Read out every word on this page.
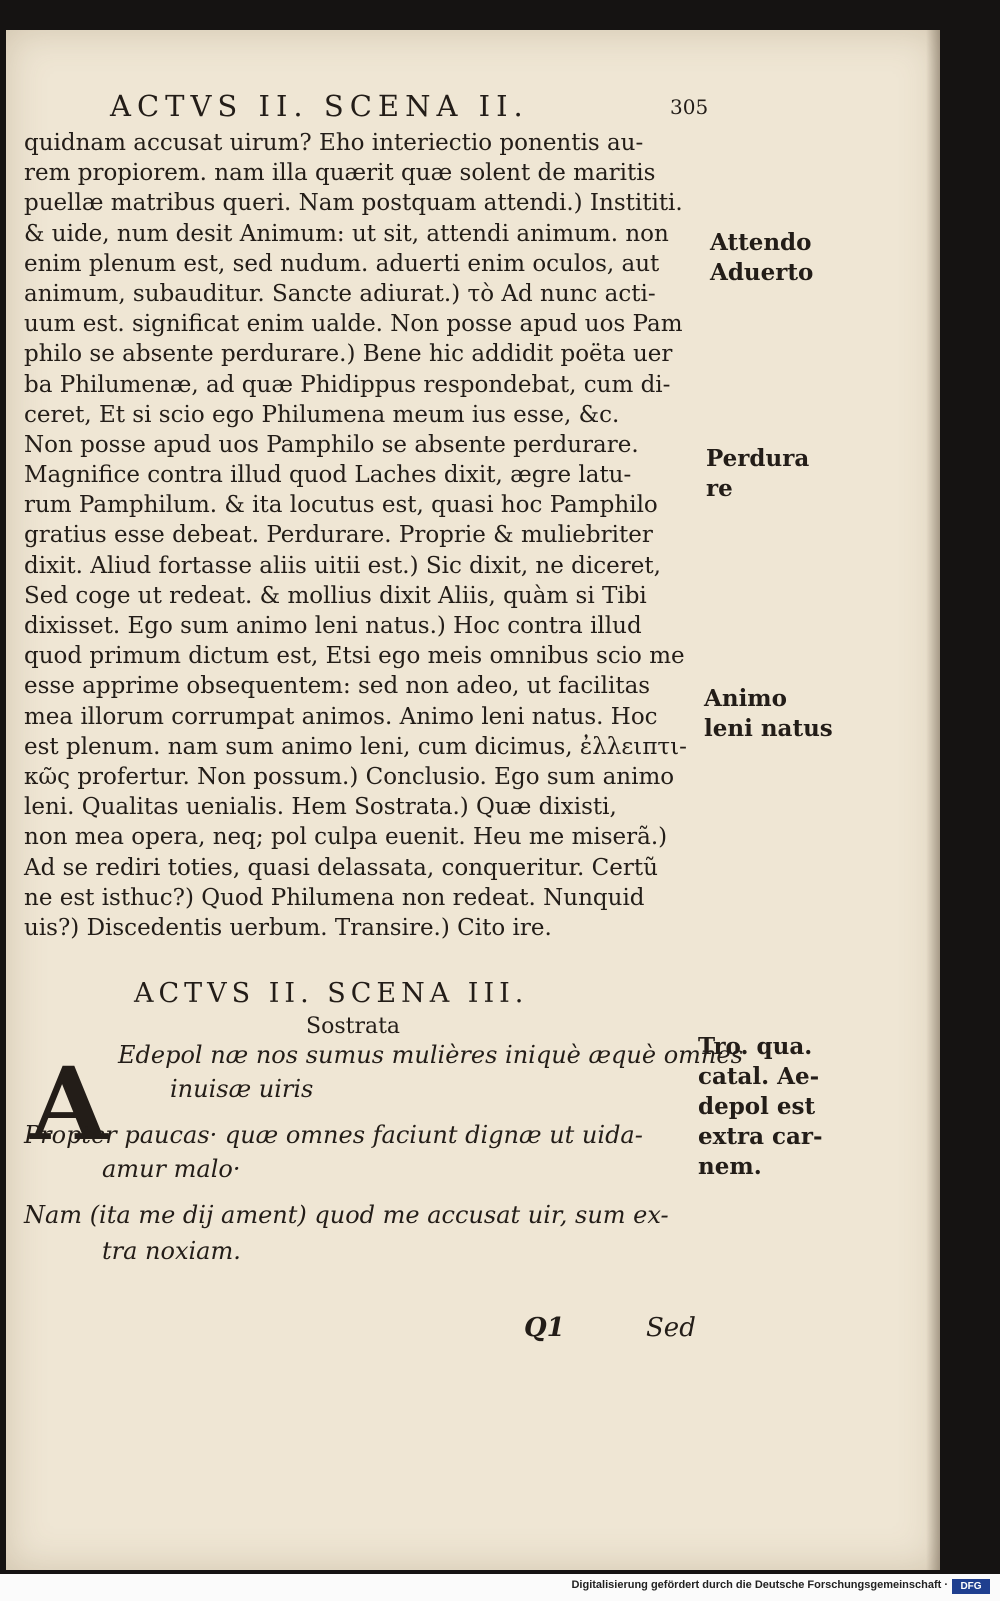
ACTVS II. SCENA II.	305
quidnam accusat uirum? Eho interiectio ponentis au-
rem propiorem. nam illa quærit quæ solent de maritis
puellæ matribus queri. Nam postquam attendi.) Instititi.
& uide, num desit Animum: ut sit, attendi animum. non
enim plenum est, sed nudum. aduerti enim oculos, aut
animum, subauditur. Sancte adiurat.) τὸ Ad nunc acti-
uum est. significat enim ualde. Non posse apud uos Pam
philo se absente perdurare.) Bene hic addidit poëta uer
ba Philumenæ, ad quæ Phidippus respondebat, cum di-
ceret, Et si scio ego Philumena meum ius esse, &c.
Non posse apud uos Pamphilo se absente perdurare.
Magnifice contra illud quod Laches dixit, ægre latu-
rum Pamphilum. & ita locutus est, quasi hoc Pamphilo
gratius esse debeat. Perdurare. Proprie & muliebriter
dixit. Aliud fortasse aliis uitii est.) Sic dixit, ne diceret,
Sed coge ut redeat. & mollius dixit Aliis, quàm si Tibi
dixisset. Ego sum animo leni natus.) Hoc contra illud
quod primum dictum est, Etsi ego meis omnibus scio me
esse apprime obsequentem: sed non adeo, ut facilitas
mea illorum corrumpat animos. Animo leni natus. Hoc
est plenum. nam sum animo leni, cum dicimus, ἐλλειπτι-
κῶς profertur. Non possum.) Conclusio. Ego sum animo
leni. Qualitas uenialis. Hem Sostrata.) Quæ dixisti,
non mea opera, neq; pol culpa euenit. Heu me miserã.)
Ad se rediri toties, quasi delassata, conqueritur. Certũ
ne est isthuc?) Quod Philumena non redeat. Nunquid
uis?) Discedentis uerbum. Transire.) Cito ire.
Attendo
Aduerto
Perdura
re
Animo
leni natus
Tro. qua.
catal. Ae-
depol est
extra car-
nem.
ACTVS II. SCENA III.
Sostrata
A Edepol næ nos sumus mulières iniquè æquè omnes
inuisæ uiris
Propter paucas· quæ omnes faciunt dignæ ut uida-
amur malo·
Nam (ita me dij ament) quod me accusat uir, sum ex-
tra noxiam.
Q1	Sed
Digitalisierung gefördert durch die Deutsche Forschungsgemeinschaft ·	DFG
